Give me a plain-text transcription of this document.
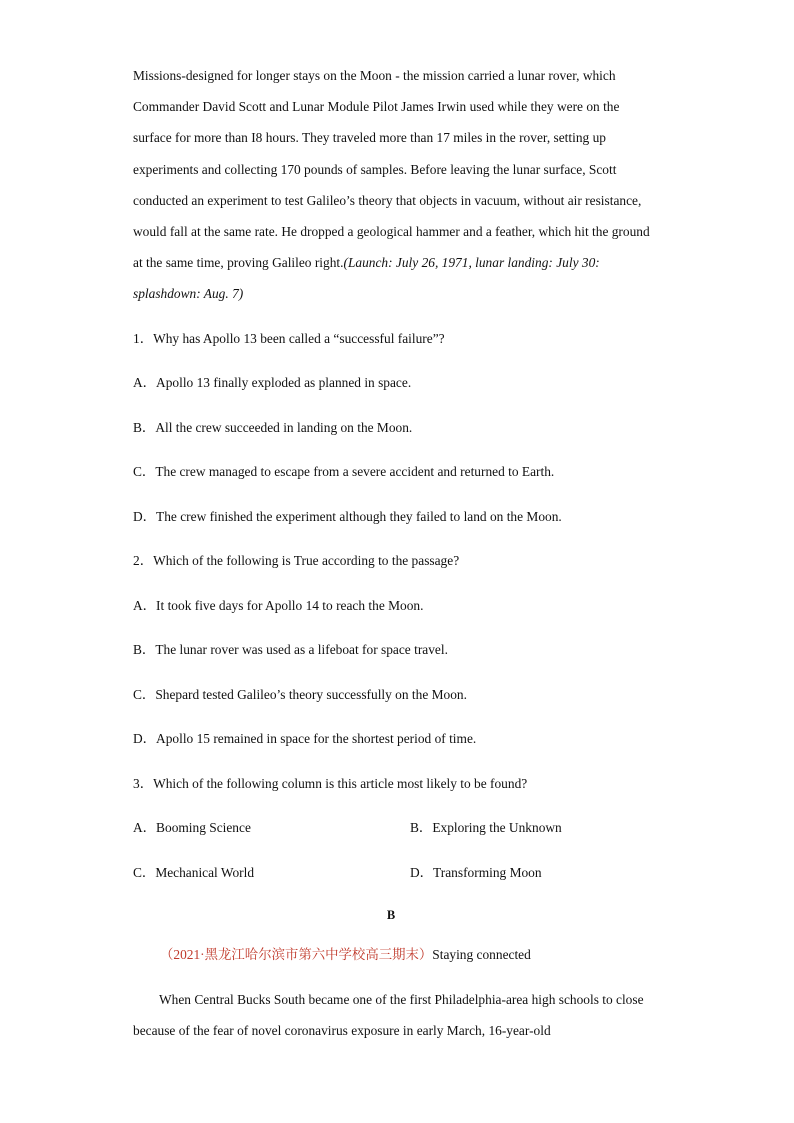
Missions-designed for longer stays on the Moon - the mission carried a lunar rover, which Commander David Scott and Lunar Module Pilot James Irwin used while they were on the surface for more than I8 hours. They traveled more than 17 miles in the rover, setting up experiments and collecting 170 pounds of samples. Before leaving the lunar surface, Scott conducted an experiment to test Galileo’s theory that objects in vacuum, without air resistance, would fall at the same rate. He dropped a geological hammer and a feather, which hit the ground at the same time, proving Galileo right.(Launch: July 26, 1971, lunar landing: July 30: splashdown: Aug. 7)
1．Why has Apollo 13 been called a “successful failure”?
A．Apollo 13 finally exploded as planned in space.
B．All the crew succeeded in landing on the Moon.
C．The crew managed to escape from a severe accident and returned to Earth.
D．The crew finished the experiment although they failed to land on the Moon.
2．Which of the following is True according to the passage?
A．It took five days for Apollo 14 to reach the Moon.
B．The lunar rover was used as a lifeboat for space travel.
C．Shepard tested Galileo’s theory successfully on the Moon.
D．Apollo 15 remained in space for the shortest period of time.
3．Which of the following column is this article most likely to be found?
A．Booming Science	B．Exploring the Unknown
C．Mechanical World	D．Transforming Moon
B
（2021·黑龙江哈尔滨市第六中学校高三期末）Staying connected
When Central Bucks South became one of the first Philadelphia-area high schools to close because of the fear of novel coronavirus exposure in early March, 16-year-old
